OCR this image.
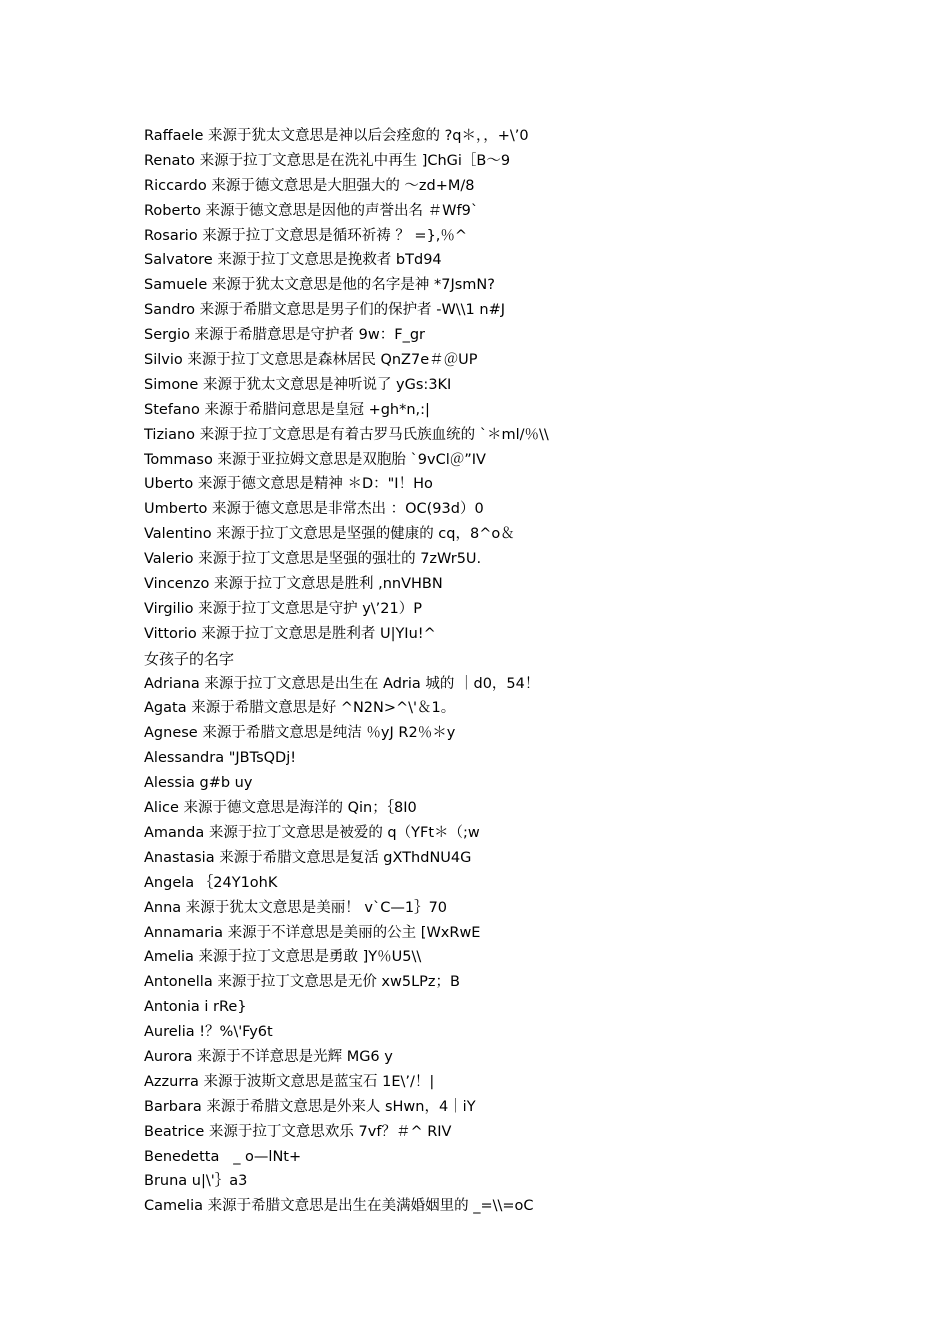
Raffaele 来源于犹太文意思是神以后会痊愈的 ?q＊，，+\’0
Renato 来源于拉丁文意思是在洗礼中再生 ]ChGi［B～9
Riccardo 来源于德文意思是大胆强大的 ～zd+M/8
Roberto 来源于德文意思是因他的声誉出名 ＃Wf9`
Rosario 来源于拉丁文意思是循环祈祷 ？ =},％^
Salvatore 来源于拉丁文意思是挽救者 bTd94
Samuele 来源于犹太文意思是他的名字是神 *7JsmN?
Sandro 来源于希腊文意思是男子们的保护者 -W\\1 n#J
Sergio 来源于希腊意思是守护者 9w：F_gr
Silvio 来源于拉丁文意思是森林居民 QnZ7e＃＠UP
Simone 来源于犹太文意思是神听说了 yGs:3KI
Stefano 来源于希腊问意思是皇冠 +gh*n,:|
Tiziano 来源于拉丁文意思是有着古罗马氏族血统的 `＊ml/％\\
Tommaso 来源于亚拉姆文意思是双胞胎 `9vCl＠”IV
Uberto 来源于德文意思是精神 ＊D："I！Ho
Umberto 来源于德文意思是非常杰出 ：OC(93d）0
Valentino 来源于拉丁文意思是坚强的健康的 cq，8^o＆
Valerio 来源于拉丁文意思是坚强的强壮的 7zWr5U.
Vincenzo 来源于拉丁文意思是胜利 ,nnVHBN
Virgilio 来源于拉丁文意思是守护 y\’21）P
Vittorio 来源于拉丁文意思是胜利者 U|YIu!^
女孩子的名字
Adriana 来源于拉丁文意思是出生在 Adria 城的 ｜d0，54！
Agata 来源于希腊文意思是好 ^N2N>^\'＆1。
Agnese 来源于希腊文意思是纯洁 ％yJ R2％＊y
Alessandra "JBTsQDj!
Alessia g#b uy
Alice 来源于德文意思是海洋的 Qin；｛8I0
Amanda 来源于拉丁文意思是被爱的 q（YFt＊（;w
Anastasia 来源于希腊文意思是复活 gXThdNU4G
Angela ｛24Y1ohK
Anna 来源于犹太文意思是美丽！ v`C—1｝70
Annamaria 来源于不详意思是美丽的公主 [WxRwE
Amelia 来源于拉丁文意思是勇敢 ]Y％U5\\
Antonella 来源于拉丁文意思是无价 xw5LPz；B
Antonia i rRe}
Aurelia !？%\'Fy6t
Aurora 来源于不详意思是光辉 MG6 y
Azzurra 来源于波斯文意思是蓝宝石 1E\’/！|
Barbara 来源于希腊文意思是外来人 sHwn，4｜iY
Beatrice 来源于拉丁文意思欢乐 7vf？＃^ RIV
Benedetta   _ o—lNt+
Bruna u|\'｝a3
Camelia 来源于希腊文意思是出生在美满婚姻里的 _=\\=oC
